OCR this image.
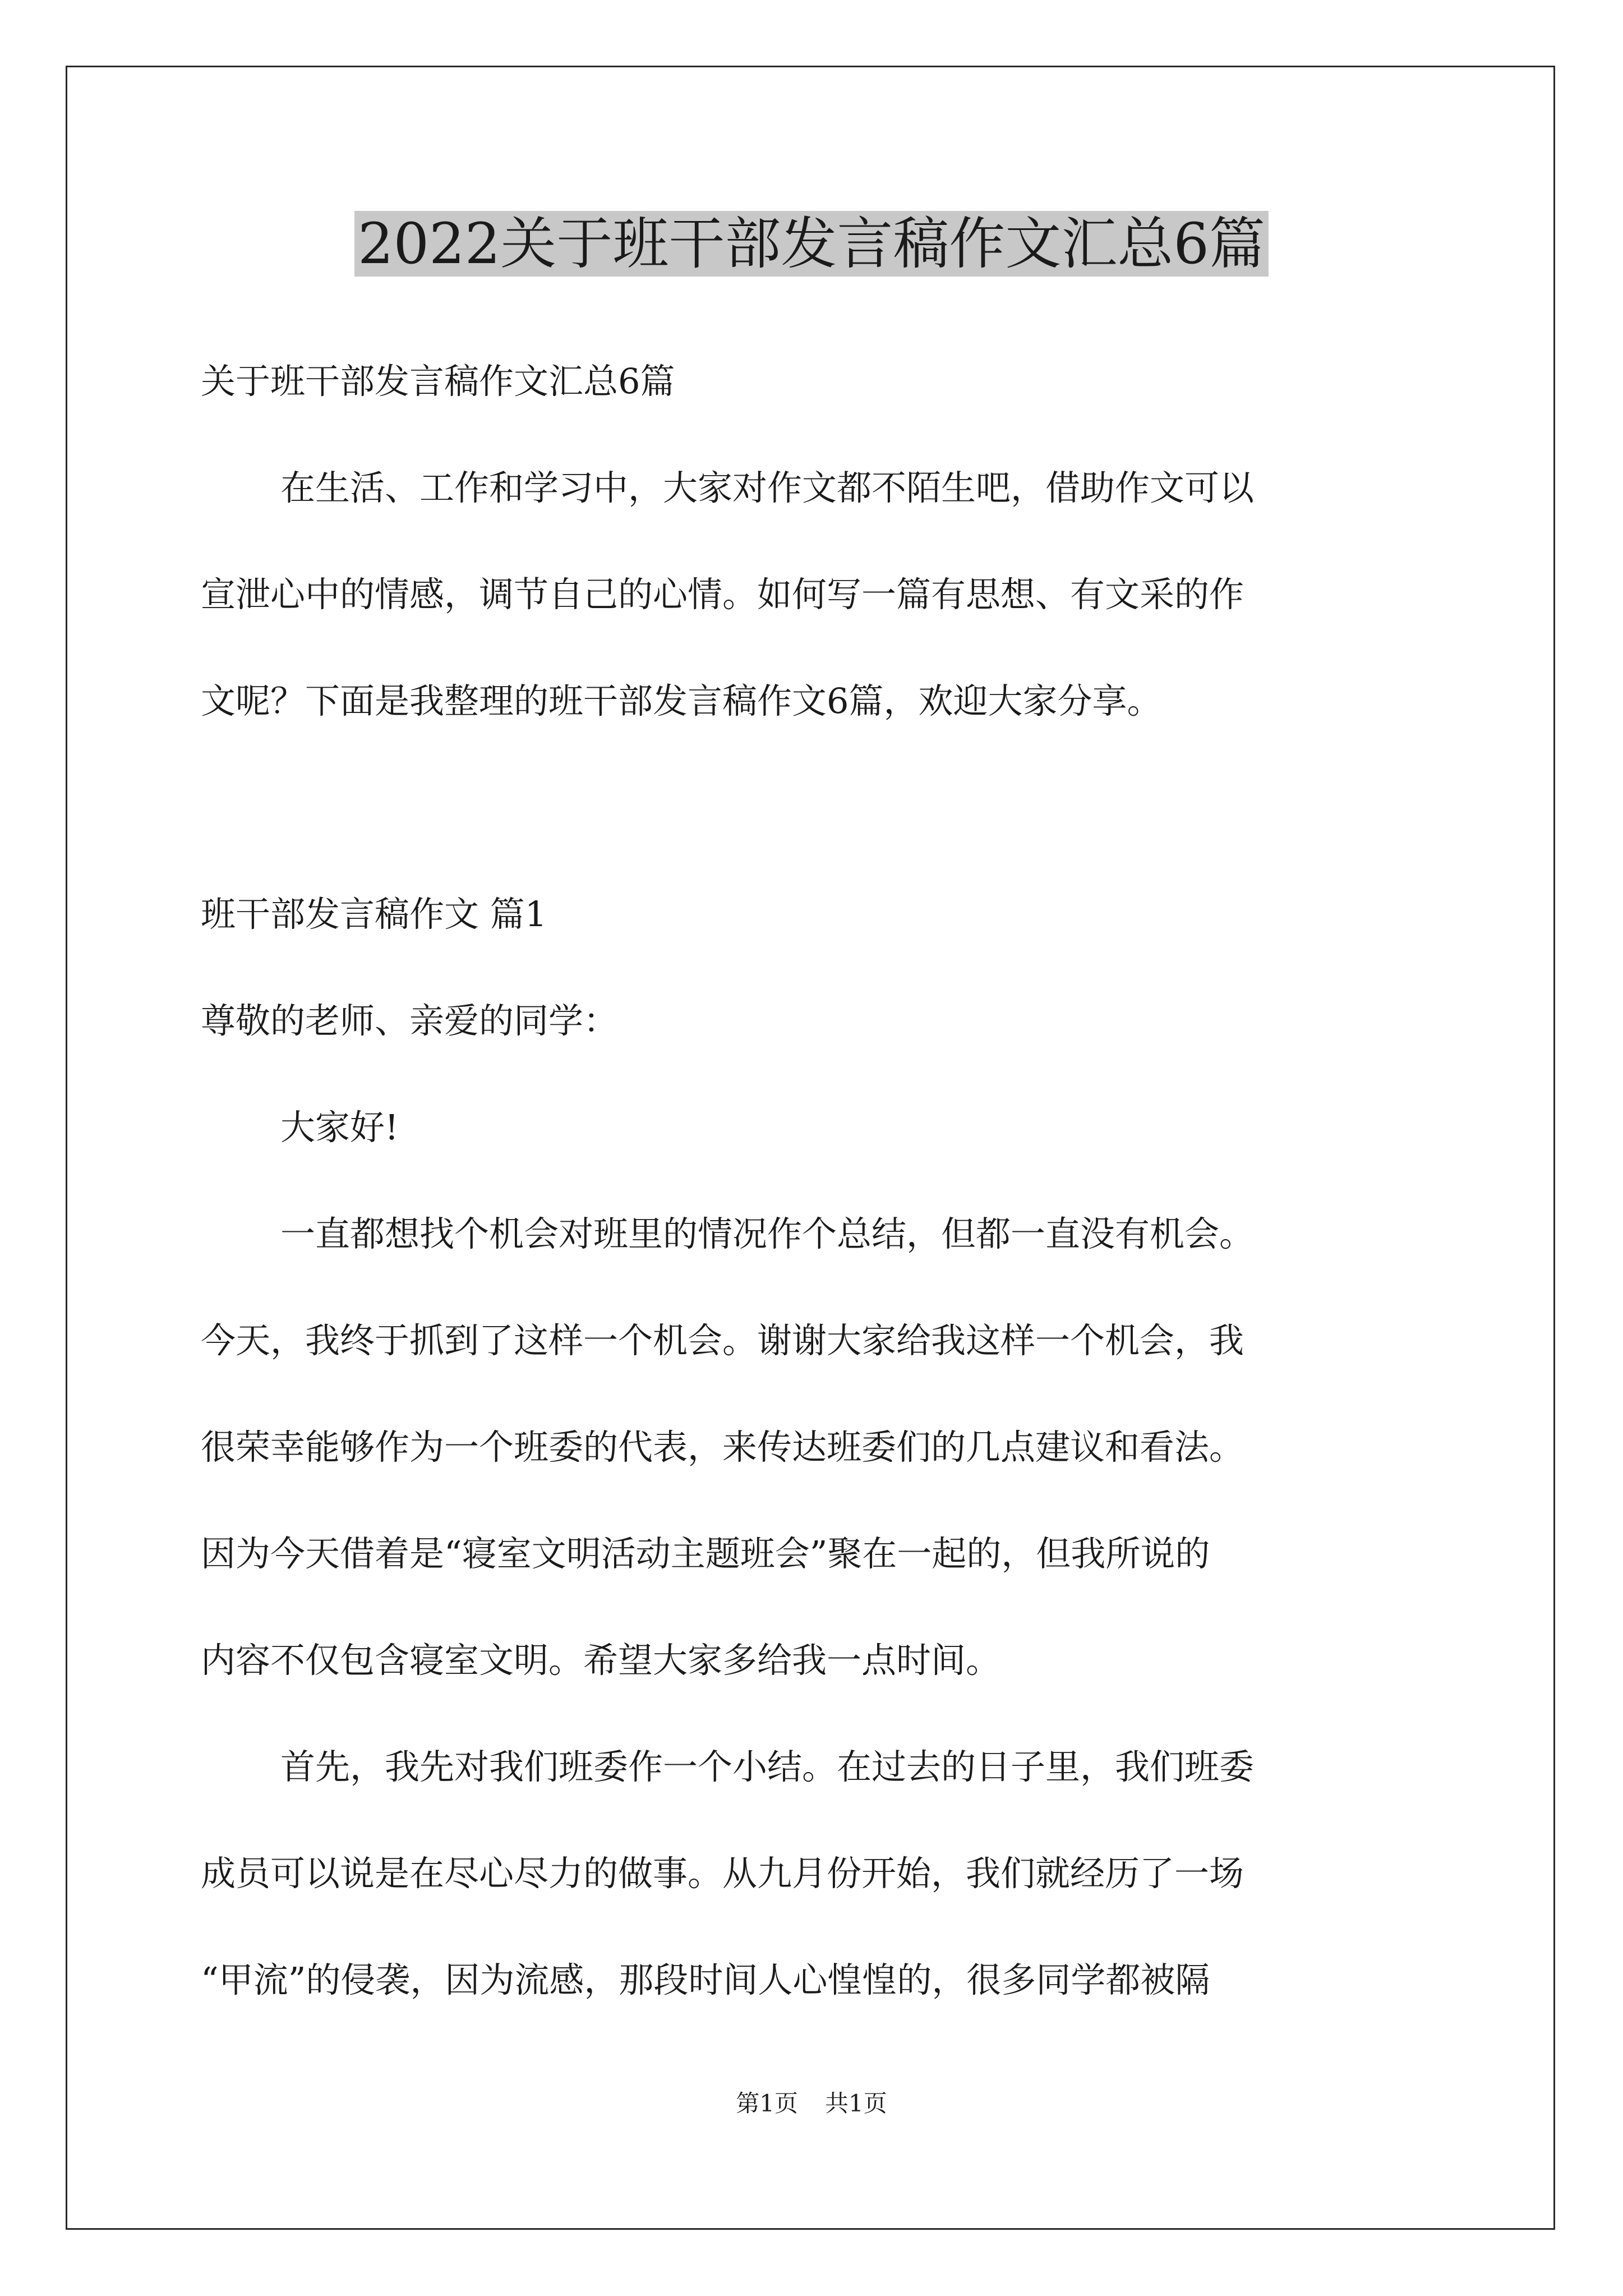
2022关于班干部发言稿作文汇总6篇
关于班干部发言稿作文汇总6篇
在生活、工作和学习中，大家对作文都不陌生吧，借助作文可以
宣泄心中的情感，调节自己的心情。如何写一篇有思想、有文采的作
文呢？下面是我整理的班干部发言稿作文6篇，欢迎大家分享。
班干部发言稿作文 篇1
尊敬的老师、亲爱的同学：
大家好!
一直都想找个机会对班里的情况作个总结，但都一直没有机会。
今天，我终于抓到了这样一个机会。谢谢大家给我这样一个机会，我
很荣幸能够作为一个班委的代表，来传达班委们的几点建议和看法。
因为今天借着是“寝室文明活动主题班会”聚在一起的，但我所说的
内容不仅包含寝室文明。希望大家多给我一点时间。
首先，我先对我们班委作一个小结。在过去的日子里，我们班委
成员可以说是在尽心尽力的做事。从九月份开始，我们就经历了一场
“甲流”的侵袭，因为流感，那段时间人心惶惶的，很多同学都被隔
第1页 共1页
